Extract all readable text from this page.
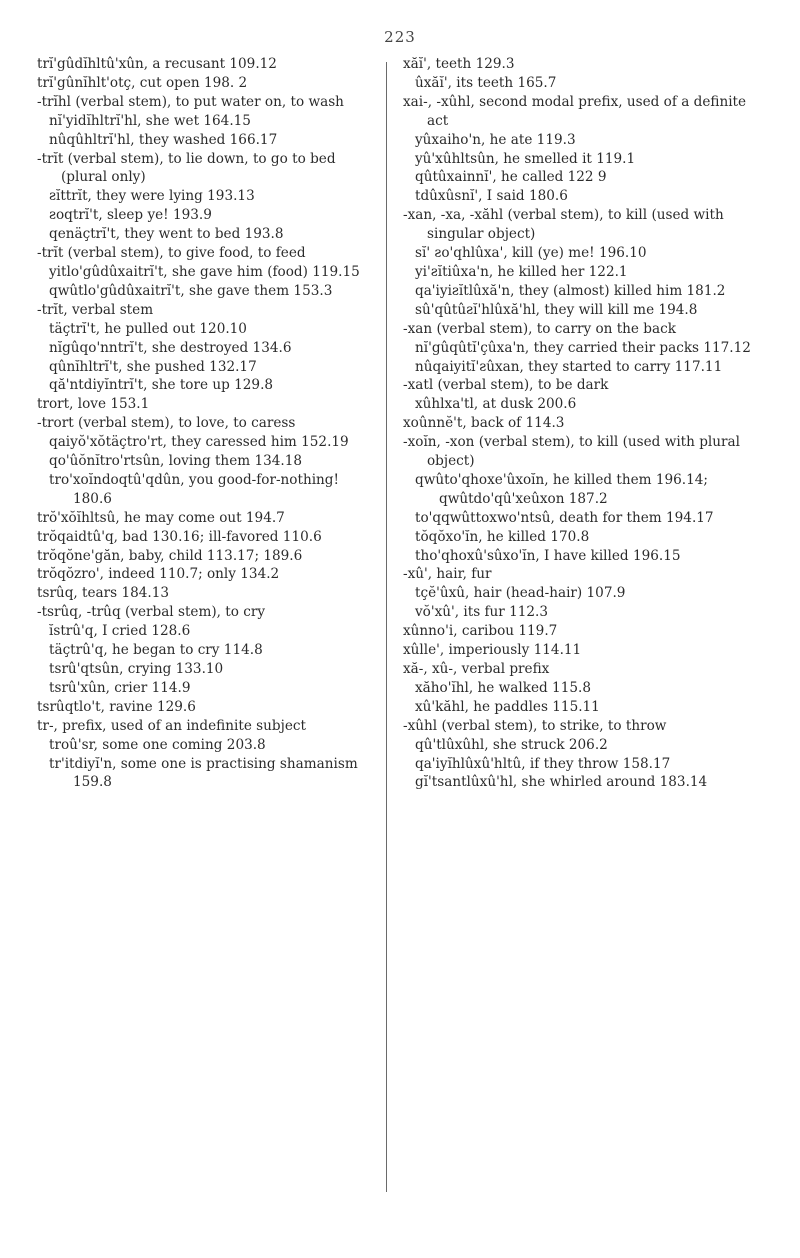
223

trĭ'gûdĭhltû'xûn, a recusant 109.12

trĭ'gûnĭhlt'otç, cut open 198. 2

-trĭhl (verbal stem), to put water on, to wash

nĭ'yidĭhltrĭ'hl, she wet 164.15

nûqûhltrĭ'hl, they washed 166.17

-trĭt (verbal stem), to lie down, to go to bed (plural only)

ƨĭttrĭt, they were lying 193.13

ƨoqtrĭ't, sleep ye! 193.9

qenäçtrĭ't, they went to bed 193.8

-trĭt (verbal stem), to give food, to feed

yitlo'gûdûxaitrĭ't, she gave him (food) 119.15

qwûtlo'gûdûxaitrĭ't, she gave them 153.3

-trĭt, verbal stem

täçtrĭ't, he pulled out 120.10

nĭgûqo'nntrĭ't, she destroyed 134.6

qûnĭhltrĭ't, she pushed 132.17

qă'ntdiyĭntrĭ't, she tore up 129.8

trort, love 153.1

-trort (verbal stem), to love, to caress

qaiyŏ'xŏtäçtro'rt, they caressed him 152.19

qo'ûŏnĭtro'rtsûn, loving them 134.18

tro'xoĭndoqtû'qdûn, you good-for-nothing! 180.6

trŏ'xŏĭhltsû, he may come out 194.7

trŏqaidtû'q, bad 130.16; ill-favored 110.6

trŏqŏne'găn, baby, child 113.17; 189.6

trŏqŏzro', indeed 110.7; only 134.2

tsrûq, tears 184.13

-tsrûq, -trûq (verbal stem), to cry

ĭstrû'q, I cried 128.6

täçtrû'q, he began to cry 114.8

tsrû'qtsûn, crying 133.10

tsrû'xûn, crier 114.9

tsrûqtlo't, ravine 129.6

tr-, prefix, used of an indefinite subject

troû'sr, some one coming 203.8

tr'itdiyĭ'n, some one is practising shamanism 159.8

xăĭ', teeth 129.3

ûxăĭ', its teeth 165.7

xai-, -xûhl, second modal prefix, used of a definite act

yûxaiho'n, he ate 119.3

yû'xûhltsûn, he smelled it 119.1

qûtûxainnĭ', he called 122 9

tdûxûsnĭ', I said 180.6

-xan, -xa, -xăhl (verbal stem), to kill (used with singular object)

sĭ' ƨo'qhlûxa', kill (ye) me! 196.10

yi'ƨĭtiûxa'n, he killed her 122.1

qa'iyiƨĭtlûxă'n, they (almost) killed him 181.2

sû'qûtûƨĭ'hlûxă'hl, they will kill me 194.8

-xan (verbal stem), to carry on the back

nĭ'gûqûtĭ'çûxa'n, they carried their packs 117.12

nûqaiyitĭ'ƨûxan, they started to carry 117.11

-xatl (verbal stem), to be dark

xûhlxa'tl, at dusk 200.6

xoûnnĕ't, back of 114.3

-xoĭn, -xon (verbal stem), to kill (used with plural object)

qwûto'qhoxe'ûxoĭn, he killed them 196.14; qwûtdo'qû'xeûxon 187.2

to'qqwûttoxwo'ntsû, death for them 194.17

tŏqŏxo'ĭn, he killed 170.8

tho'qhoxû'sûxo'ĭn, I have killed 196.15

-xû', hair, fur

tçĕ'ûxû, hair (head-hair) 107.9

vŏ'xû', its fur 112.3

xûnno'i, caribou 119.7

xûlle', imperiously 114.11

xă-, xû-, verbal prefix

xăho'ĭhl, he walked 115.8

xû'kăhl, he paddles 115.11

-xûhl (verbal stem), to strike, to throw

qû'tlûxûhl, she struck 206.2

qa'iyĭhlûxû'hltû, if they throw 158.17

gĭ'tsantlûxû'hl, she whirled around 183.14
